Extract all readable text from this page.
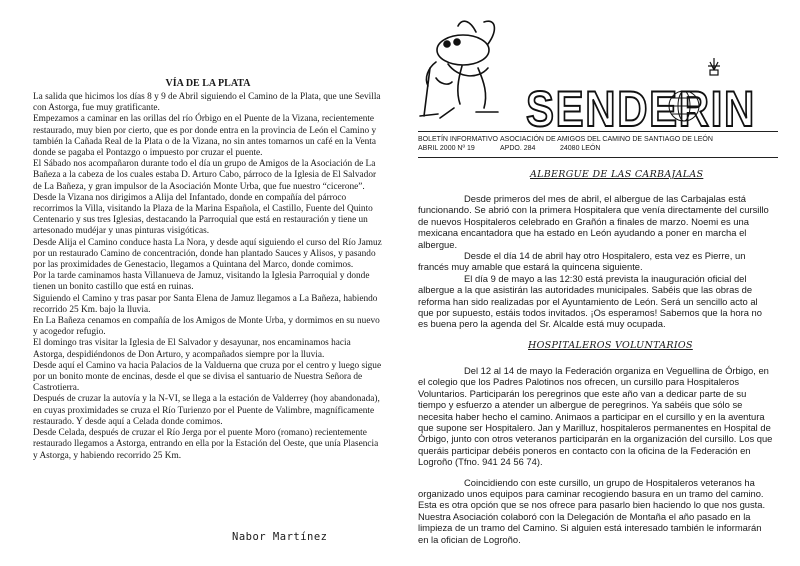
VÍA DE LA PLATA

La salida que hicimos los días 8 y 9 de Abril siguiendo el Camino de la Plata, que une Sevilla con Astorga, fue muy gratificante.

Empezamos a caminar en las orillas del río Órbigo en el Puente de la Vizana, recientemente restaurado, muy bien por cierto, que es por donde entra en la provincia de León el Camino y también la Cañada Real de la Plata o de la Vizana, no sin antes tomarnos un café en la Venta donde se pagaba el Pontazgo o impuesto por cruzar el puente.

El Sábado nos acompañaron durante todo el día un grupo de Amigos de la Asociación de La Bañeza a la cabeza de los cuales estaba D. Arturo Cabo, párroco de la Iglesia de El Salvador de La Bañeza, y gran impulsor de la Asociación Monte Urba, que fue nuestro “cicerone”.

Desde la Vizana nos dirigimos a Alija del Infantado, donde en compañía del párroco recorrimos la Villa, visitando la Plaza de la Marina Española, el Castillo, Fuente del Quinto Centenario y sus tres Iglesias, destacando la Parroquial que está en restauración y tiene un artesonado mudéjar y unas pinturas visigóticas.

Desde Alija el Camino conduce hasta La Nora, y desde aquí siguiendo el curso del Río Jamuz por un restaurado Camino de concentración, donde han plantado Sauces y Alisos, y pasando por las proximidades de Genestacio, llegamos a Quintana del Marco, donde comimos.

Por la tarde caminamos hasta Villanueva de Jamuz, visitando la Iglesia Parroquial y donde tienen un bonito castillo que está en ruinas.

Siguiendo el Camino y tras pasar por Santa Elena de Jamuz llegamos a La Bañeza, habiendo recorrido 25 Km. bajo la lluvia.

En La Bañeza cenamos en compañía de los Amigos de Monte Urba, y dormimos en su nuevo y acogedor refugio.

El domingo tras visitar la Iglesia de El Salvador y desayunar, nos encaminamos hacia Astorga, despidiéndonos de Don Arturo, y acompañados siempre por la lluvia.

Desde aquí el Camino va hacia Palacios de la Valduerna que cruza por el centro y luego sigue por un bonito monte de encinas, desde el que se divisa el santuario de Nuestra Señora de Castrotierra.

Después de cruzar la autovía y la N-VI, se llega a la estación de Valderrey (hoy abandonada), en cuyas proximidades se cruza el Río Turienzo por el Puente de Valimbre, magníficamente restaurado. Y desde aquí a Celada donde comimos.

Desde Celada, después de cruzar el Río Jerga por el puente Moro (romano) recientemente restaurado llegamos a Astorga, entrando en ella por la Estación del Oeste, que unía Plasencia y Astorga, y habiendo recorrido 25 Km.

Nabor Martínez
SENDERIN
BOLETÍN INFORMATIVO
ABRIL 2000 Nº 19
ASOCIACIÓN DE AMIGOS DEL CAMINO DE SANTIAGO DE LEÓN
APDO. 284	24080 LEÓN
ALBERGUE DE LAS CARBAJALAS

Desde primeros del mes de abril, el albergue de las Carbajalas está funcionando. Se abrió con la primera Hospitalera que venía directamente del cursillo de nuevos Hospitaleros celebrado en Grañón a finales de marzo. Noemi es una mexicana encantadora que ha estado en León ayudando a poner en marcha el albergue.

Desde el día 14 de abril hay otro Hospitalero, esta vez es Pierre, un francés muy amable que estará la quincena siguiente.

El día 9 de mayo a las 12:30 está prevista la inauguración oficial del albergue a la que asistirán las autoridades municipales. Sabéis que las obras de reforma han sido realizadas por el Ayuntamiento de León. Será un sencillo acto al que por supuesto, estáis todos invitados. ¡Os esperamos! Sabemos que la hora no es buena pero la agenda del Sr. Alcalde está muy ocupada.

HOSPITALEROS VOLUNTARIOS

Del 12 al 14 de mayo la Federación organiza en Veguellina de Órbigo, en el colegio que los Padres Palotinos nos ofrecen, un cursillo para Hospitaleros Voluntarios. Participarán los peregrinos que este año van a dedicar parte de su tiempo y esfuerzo a atender un albergue de peregrinos. Ya sabéis que sólo se necesita haber hecho el camino. Animaos a participar en el cursillo y en la aventura que supone ser Hospitalero. Jan y Marilluz, hospitaleros permanentes en Hospital de Órbigo, junto con otros veteranos participarán en la organización del cursillo. Los que queráis participar debéis poneros en contacto con la oficina de la Federación en Logroño (Tfno. 941 24 56 74).

Coincidiendo con este cursillo, un grupo de Hospitaleros veteranos ha organizado unos equipos para caminar recogiendo basura en un tramo del camino. Esta es otra opción que se nos ofrece para pasarlo bien haciendo lo que nos gusta. Nuestra Asociación colaboró con la Delegación de Montaña el año pasado en la limpieza de un tramo del Camino. Si alguien está interesado también le informarán en la ofician de Logroño.
